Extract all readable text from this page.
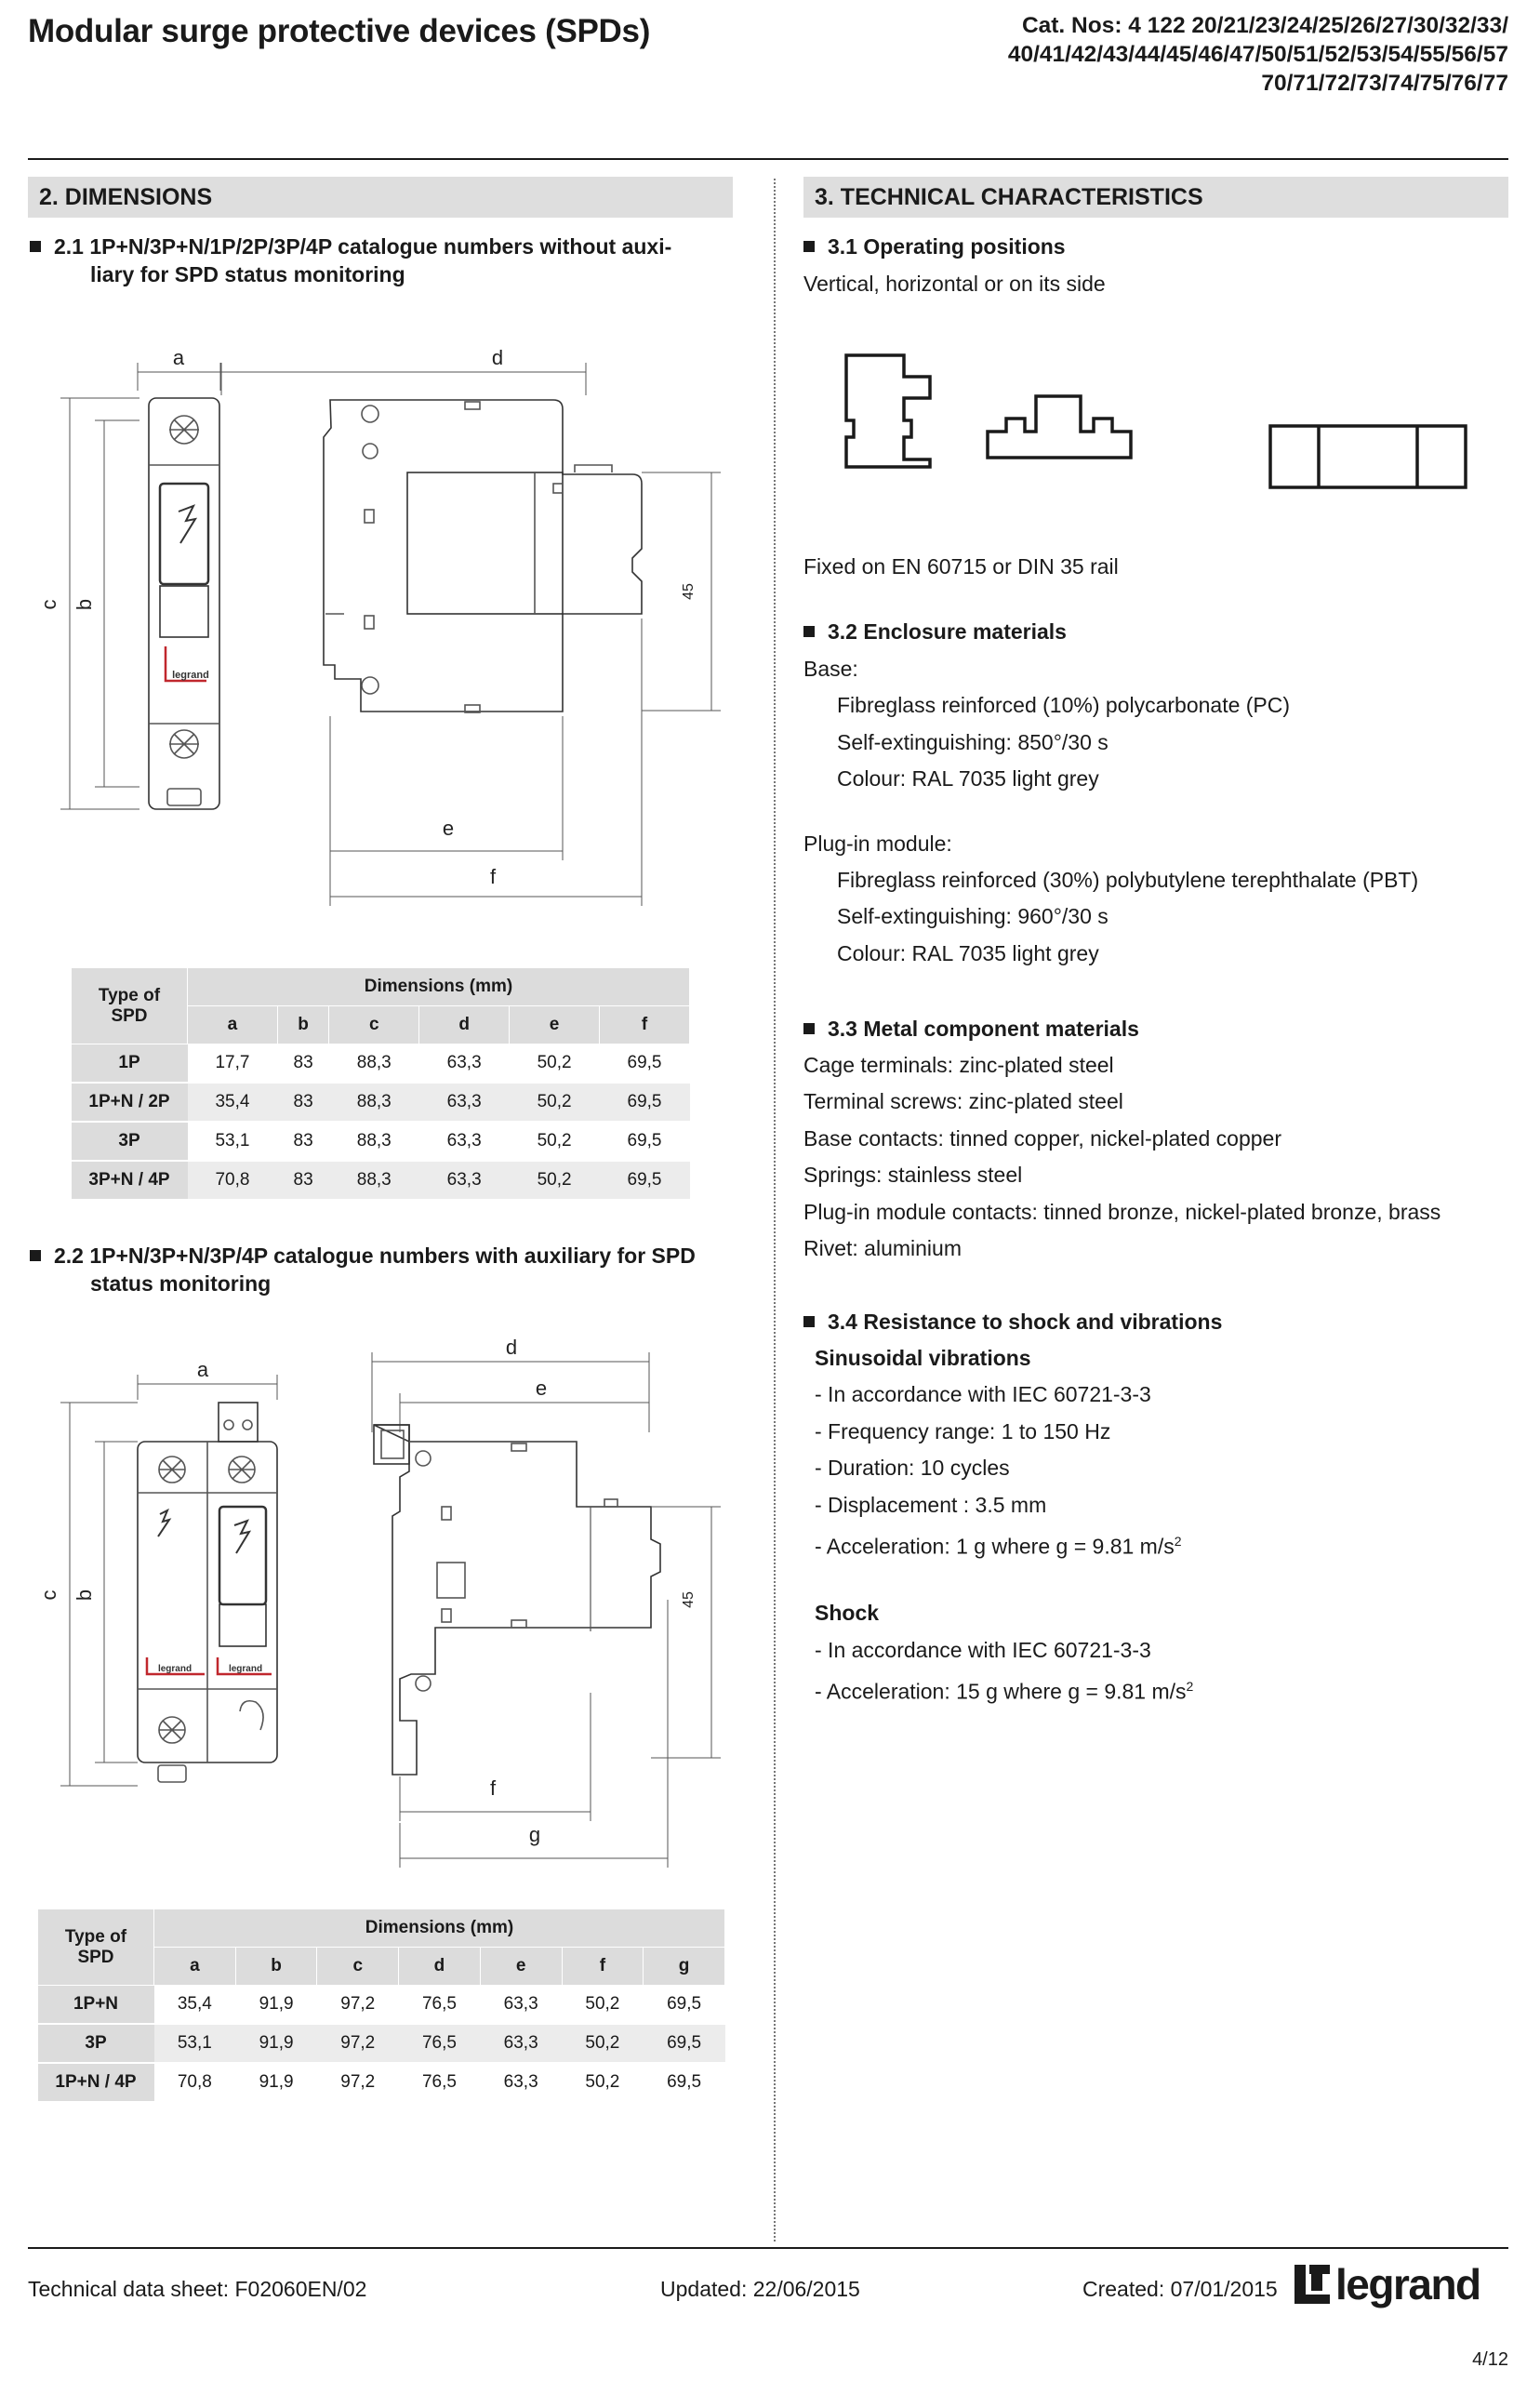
Modular surge protective devices (SPDs)	Cat. Nos: 4 122 20/21/23/24/25/26/27/30/32/33/
40/41/42/43/44/45/46/47/50/51/52/53/54/55/56/57
70/71/72/73/74/75/76/77
2. DIMENSIONS
2.1 1P+N/3P+N/1P/2P/3P/4P catalogue numbers without auxi-
liary for SPD status monitoring
a
c b
legrand
d
45
e
f
Type of
SPD	Dimensions (mm)					
	a	b	c	d	e	f
1P	17,7	83	88,3	63,3	50,2	69,5
1P+N / 2P	35,4	83	88,3	63,3	50,2	69,5
3P	53,1	83	88,3	63,3	50,2	69,5
3P+N / 4P	70,8	83	88,3	63,3	50,2	69,5
2.2 1P+N/3P+N/3P/4P catalogue numbers with auxiliary for SPD
status monitoring
a
c b
legrand	legrand
d
e
45
f
g
Type of
SPD	Dimensions (mm)						
	a	b	c	d	e	f	g
1P+N	35,4	91,9	97,2	76,5	63,3	50,2	69,5
3P	53,1	91,9	97,2	76,5	63,3	50,2	69,5
1P+N / 4P	70,8	91,9	97,2	76,5	63,3	50,2	69,5
3. TECHNICAL CHARACTERISTICS
3.1 Operating positions
Vertical, horizontal or on its side
Fixed on EN 60715 or DIN 35 rail
3.2 Enclosure materials
Base:
Fibreglass reinforced (10%) polycarbonate (PC)
Self-extinguishing: 850°/30 s
Colour: RAL 7035 light grey
Plug-in module:
Fibreglass reinforced (30%) polybutylene terephthalate (PBT)
Self-extinguishing: 960°/30 s
Colour: RAL 7035 light grey
3.3 Metal component materials
Cage terminals: zinc-plated steel
Terminal screws: zinc-plated steel
Base contacts: tinned copper, nickel-plated copper
Springs: stainless steel
Plug-in module contacts: tinned bronze, nickel-plated bronze, brass
Rivet: aluminium
3.4 Resistance to shock and vibrations
Sinusoidal vibrations
- In accordance with IEC 60721-3-3
- Frequency range: 1 to 150 Hz
- Duration: 10 cycles
- Displacement : 3.5 mm
- Acceleration: 1 g where g = 9.81 $m/s^2$
Shock
- In accordance with IEC 60721-3-3
- Acceleration: 15 g where g = 9.81 $m/s^2$
Technical data sheet: F02060EN/02	Updated: 22/06/2015	Created: 07/01/2015 legrand
4/12
